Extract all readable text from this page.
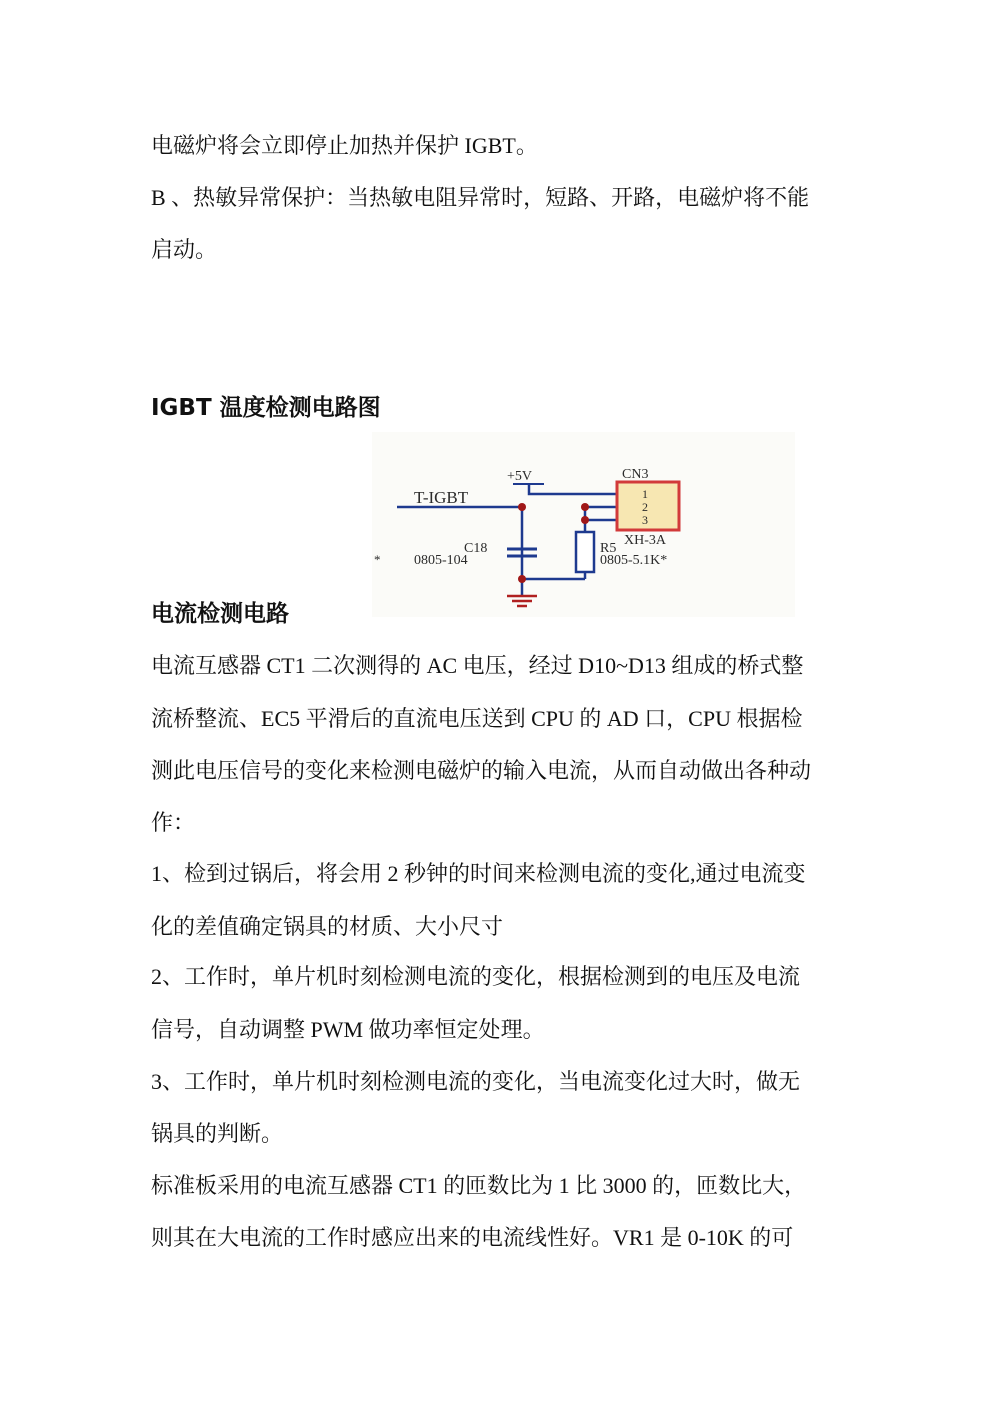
电磁炉将会立即停止加热并保护 IGBT。

B 、热敏异常保护：当热敏电阻异常时，短路、开路，电磁炉将不能

启动。

IGBT 温度检测电路图
+5V
T-IGBT
CN3
1
2
3
XH-3A
C18
* 0805-104
R5
0805-5.1K*
电流检测电路

电流互感器 CT1 二次测得的 AC 电压，经过 D10~D13 组成的桥式整

流桥整流、EC5 平滑后的直流电压送到 CPU 的 AD 口，CPU 根据检

测此电压信号的变化来检测电磁炉的输入电流，从而自动做出各种动

作：

1、检到过锅后，将会用 2 秒钟的时间来检测电流的变化,通过电流变

化的差值确定锅具的材质、大小尺寸

2、工作时，单片机时刻检测电流的变化，根据检测到的电压及电流

信号，自动调整 PWM 做功率恒定处理。

3、工作时，单片机时刻检测电流的变化，当电流变化过大时，做无

锅具的判断。

标准板采用的电流互感器 CT1 的匝数比为 1 比 3000 的，匝数比大，

则其在大电流的工作时感应出来的电流线性好。VR1 是 0-10K 的可
